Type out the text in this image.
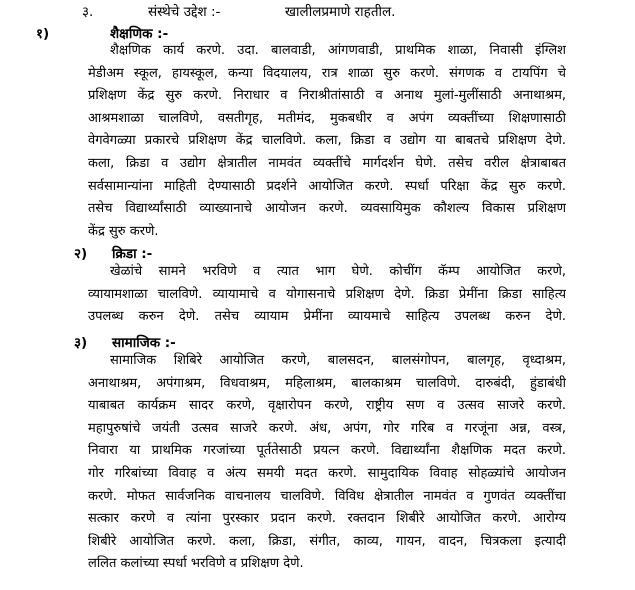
३.	संस्थेचे उद्देश :-	खालीलप्रमाणे राहतील.
१)	शैक्षणिक :-
शैक्षणिक कार्य करणे. उदा. बालवाडी, आंगणवाडी, प्राथमिक शाळा, निवासी इंग्लिश
मेडीअम स्कूल, हायस्कूल, कन्या विदयालय, रात्र शाळा सुरु करणे. संगणक व टायपिंग चे
प्रशिक्षण केंद्र सुरु करणे. निराधार व निराश्रीतांसाठी व अनाथ मुलां-मुलींसाठी अनाथाश्रम,
आश्रमशाळा चालविणे, वसतीगृह, मतीमंद, मुकबधीर व अपंग व्यक्तींच्या शिक्षणासाठी
वेगवेगळ्या प्रकारचे प्रशिक्षण केंद्र चालविणे. कला, क्रिडा व उद्योग या बाबतचे प्रशिक्षण देणे.
कला, क्रिडा व उद्योग क्षेत्रातील नामवंत व्यक्तींचे मार्गदर्शन घेणे. तसेच वरील क्षेत्राबाबत
सर्वसामान्यांना माहिती देण्यासाठी प्रदर्शने आयोजित करणे. स्पर्धा परिक्षा केंद्र सुरु करणे.
तसेच विद्यार्थ्यांसाठी व्याख्यानाचे आयोजन करणे. व्यवसायिमुक कौशल्य विकास प्रशिक्षण
केंद्र सुरु करणे.
२) क्रिडा :-
खेळांचे सामने भरविणे व त्यात भाग घेणे. कोचींग कॅम्प आयोजित करणे,
व्यायामशाळा चालविणे. व्यायामाचे व योगासनाचे प्रशिक्षण देणे. क्रिडा प्रेमींना क्रिडा साहित्य
उपलब्ध करुन देणे. तसेच व्यायाम प्रेमींना व्यायमाचे साहित्य उपलब्ध करुन देणे.
३) सामाजिक :-
सामाजिक शिबिरे आयोजित करणे, बालसदन, बालसंगोपन, बालगृह, वृध्दाश्रम,
अनाथाश्रम, अपंगाश्रम, विधवाश्रम, महिलाश्रम, बालकाश्रम चालविणे. दारुबंदी, हुंडाबंधी
याबाबत कार्यक्रम सादर करणे, वृक्षारोपन करणे, राष्ट्रीय सण व उत्सव साजरे करणे.
महापुरुषांचे जयंती उत्सव साजरे करणे. अंध, अपंग, गोर गरिब व गरजूंना अन्न, वस्त्र,
निवारा या प्राथमिक गरजांच्या पूर्ततेसाठी प्रयत्न करणे. विद्यार्थ्यांना शैक्षणिक मदत करणे.
गोर गरिबांच्या विवाह व अंत्य समयी मदत करणे. सामुदायिक विवाह सोहळ्यांचे आयोजन
करणे. मोफत सार्वजनिक वाचनालय चालविणे. विविध क्षेत्रातील नामवंत व गुणवंत व्यक्तींचा
सत्कार करणे व त्यांना पुरस्कार प्रदान करणे. रक्तदान शिबीरे आयोजित करणे. आरोग्य
शिबीरे आयोजित करणे. कला, क्रिडा, संगीत, काव्य, गायन, वादन, चित्रकला इत्यादी
ललित कलांच्या स्पर्धा भरविणे व प्रशिक्षण देणे.
